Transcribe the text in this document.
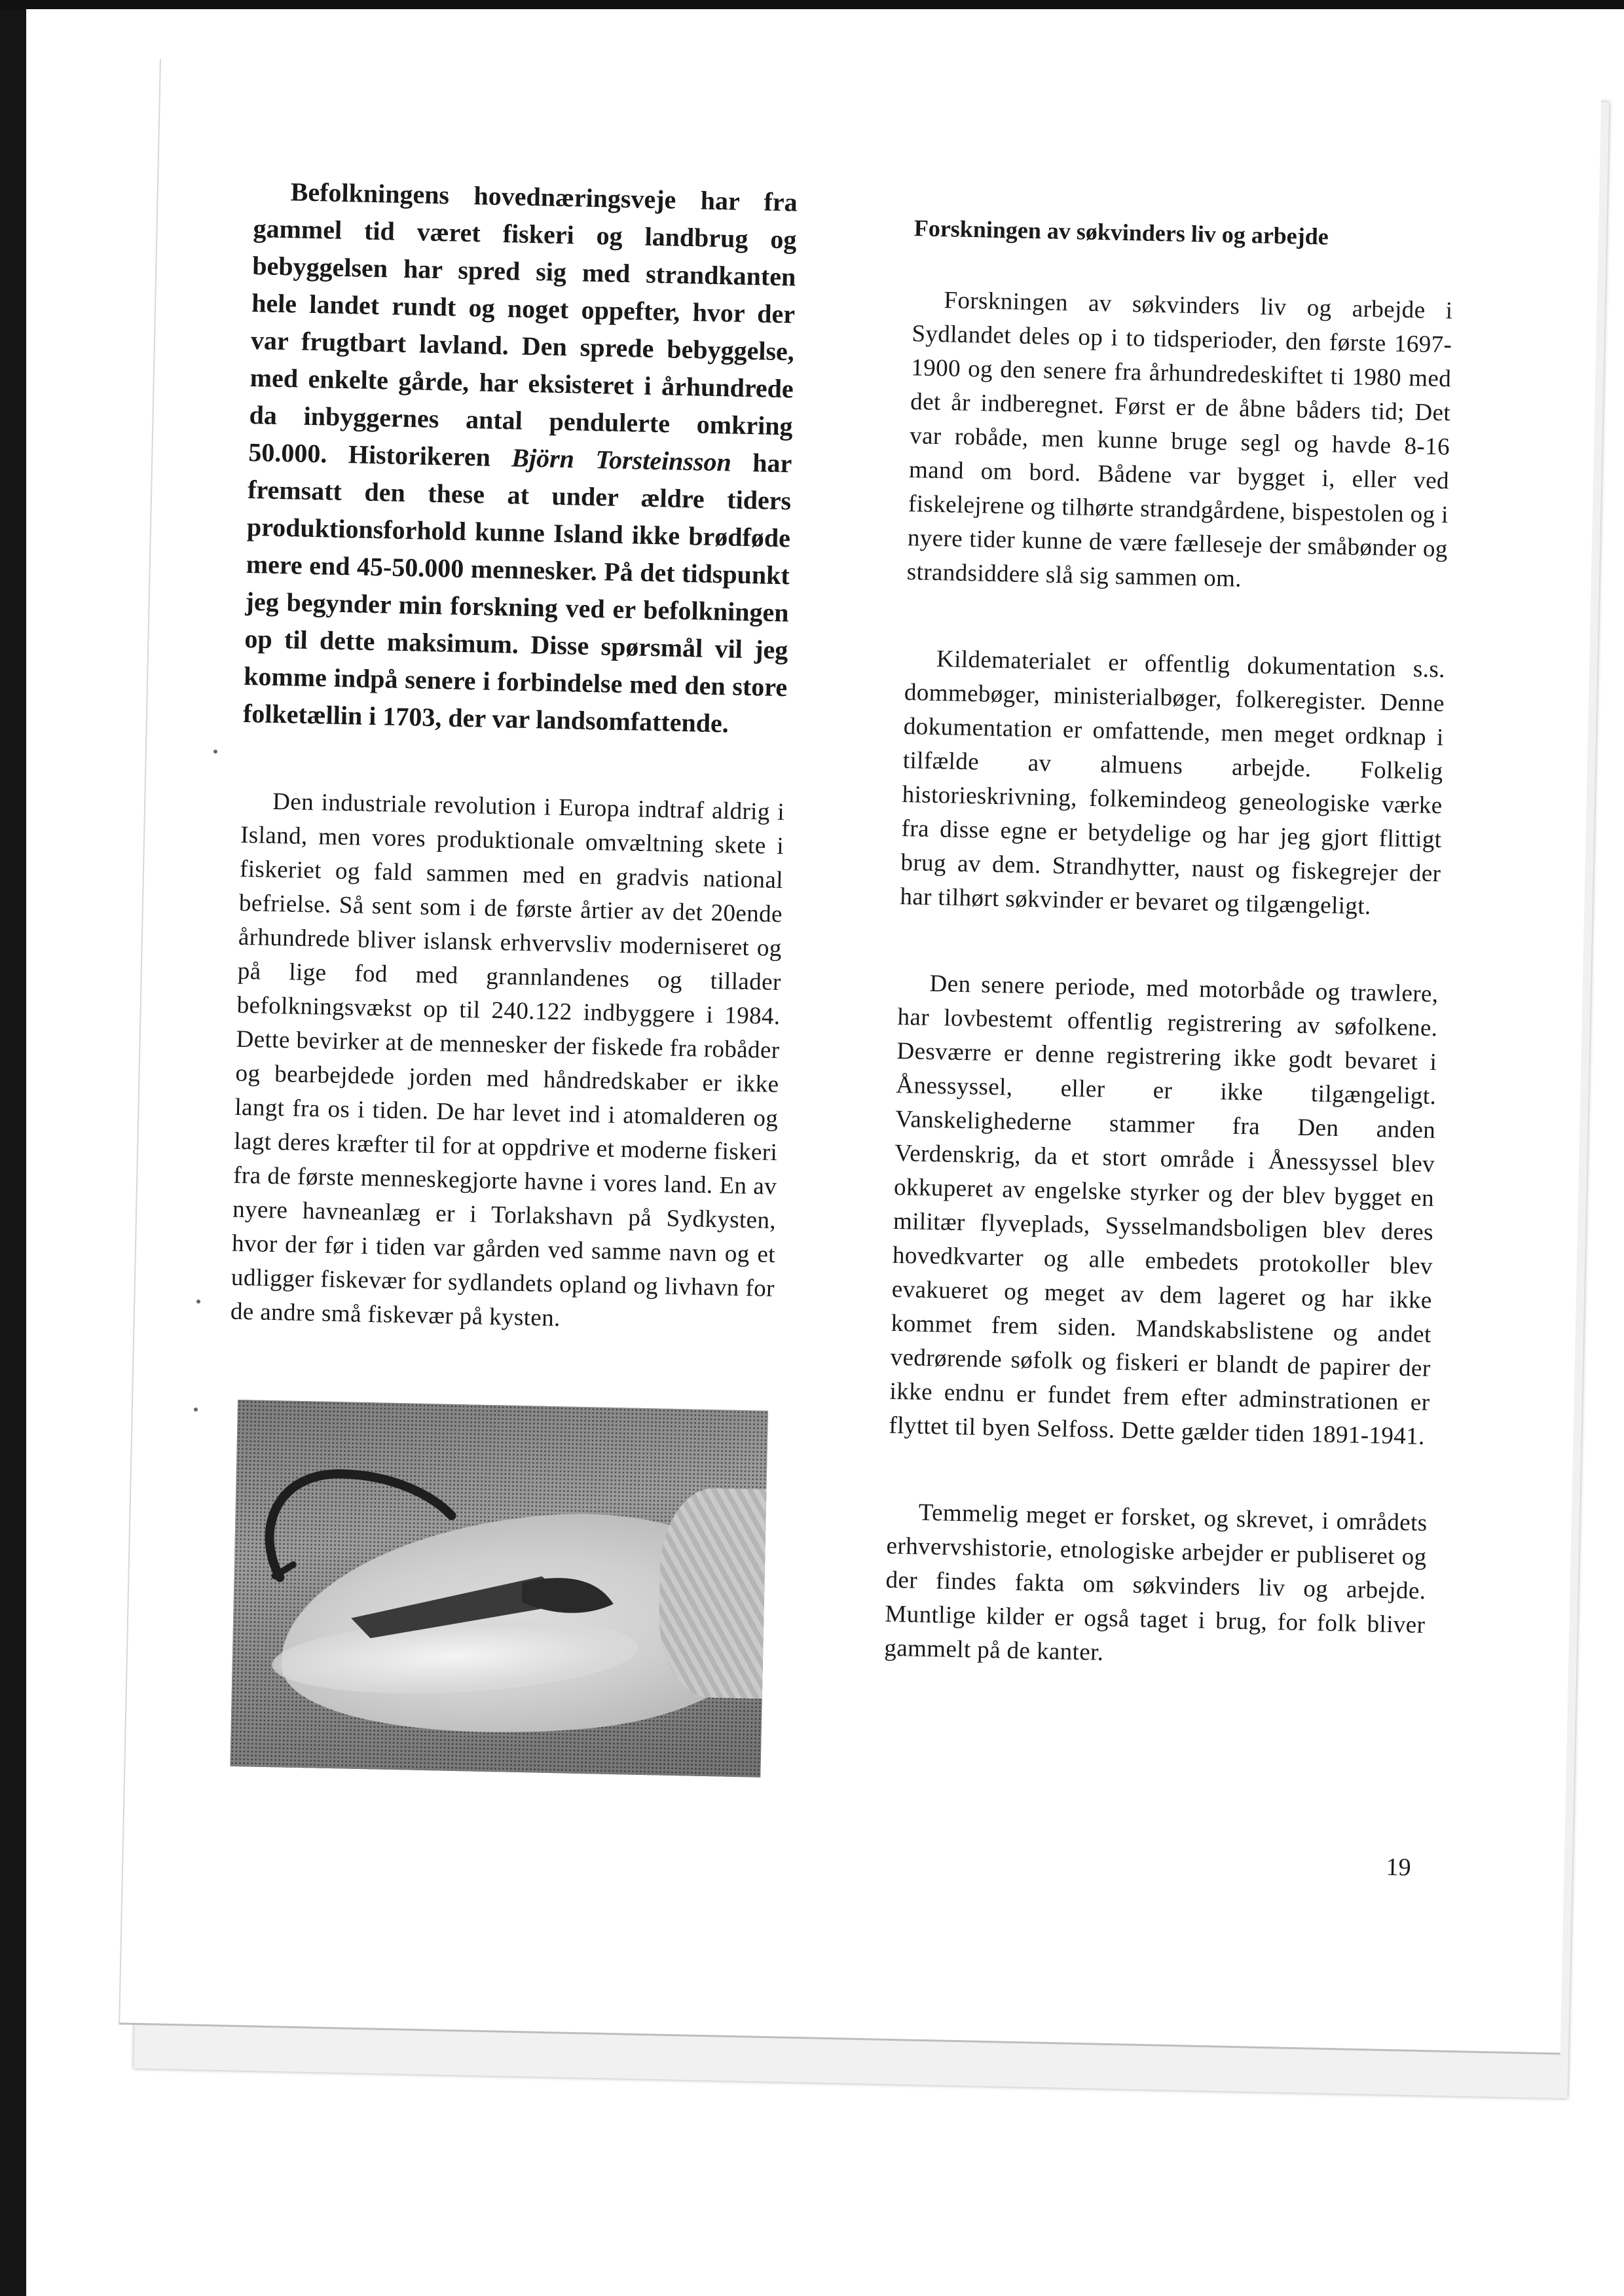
Befolkningens hovednæringsveje har fra gammel tid været fiskeri og landbrug og bebyggelsen har spred sig med strandkanten hele landet rundt og noget oppefter, hvor der var frugtbart lavland. Den sprede bebyggelse, med enkelte gårde, har eksisteret i århundrede da inbyggernes antal pendulerte omkring 50.000. Historikeren Björn Torsteinsson har fremsatt den these at under ældre tiders produktionsforhold kunne Island ikke brødføde mere end 45-50.000 mennesker. På det tidspunkt jeg begynder min forskning ved er befolkningen op til dette maksimum. Disse spørsmål vil jeg komme indpå senere i forbindelse med den store folketællin i 1703, der var landsomfattende.

Den industriale revolution i Europa indtraf aldrig i Island, men vores produktionale omvæltning skete i fiskeriet og fald sammen med en gradvis national befrielse. Så sent som i de første årtier av det 20ende århundrede bliver islansk erhvervsliv moderniseret og på lige fod med grannlandenes og tillader befolkningsvækst op til 240.122 indbyggere i 1984. Dette bevirker at de mennesker der fiskede fra robåder og bearbejdede jorden med håndredskaber er ikke langt fra os i tiden. De har levet ind i atomalderen og lagt deres kræfter til for at oppdrive et moderne fiskeri fra de første menneskegjorte havne i vores land. En av nyere havneanlæg er i Torlakshavn på Sydkysten, hvor der før i tiden var gården ved samme navn og et udligger fiskevær for sydlandets opland og livhavn for de andre små fiskevær på kysten.

Forskningen av søkvinders liv og arbejde

Forskningen av søkvinders liv og arbejde i Sydlandet deles op i to tidsperioder, den første 1697-1900 og den senere fra århundredeskiftet ti 1980 med det år indberegnet. Først er de åbne båders tid; Det var robåde, men kunne bruge segl og havde 8-16 mand om bord. Bådene var bygget i, eller ved fiskelejrene og tilhørte strandgårdene, bispestolen og i nyere tider kunne de være fælleseje der småbønder og strandsiddere slå sig sammen om.

Kildematerialet er offentlig dokumentation s.s. dommebøger, ministerialbøger, folkeregister. Denne dokumentation er omfattende, men meget ordknap i tilfælde av almuens arbejde. Folkelig historieskrivning, folkemindeog geneologiske værke fra disse egne er betydelige og har jeg gjort flittigt brug av dem. Strandhytter, naust og fiskegrejer der har tilhørt søkvinder er bevaret og tilgængeligt.

Den senere periode, med motorbåde og trawlere, har lovbestemt offentlig registrering av søfolkene. Desværre er denne registrering ikke godt bevaret i Ånessyssel, eller er ikke tilgængeligt. Vanskelighederne stammer fra Den anden Verdenskrig, da et stort område i Ånessyssel blev okkuperet av engelske styrker og der blev bygget en militær flyveplads, Sysselmandsboligen blev deres hovedkvarter og alle embedets protokoller blev evakueret og meget av dem lageret og har ikke kommet frem siden. Mandskabslistene og andet vedrørende søfolk og fiskeri er blandt de papirer der ikke endnu er fundet frem efter adminstrationen er flyttet til byen Selfoss. Dette gælder tiden 1891-1941.

Temmelig meget er forsket, og skrevet, i områdets erhvervshistorie, etnologiske arbejder er publiseret og der findes fakta om søkvinders liv og arbejde. Muntlige kilder er også taget i brug, for folk bliver gammelt på de kanter.

19
